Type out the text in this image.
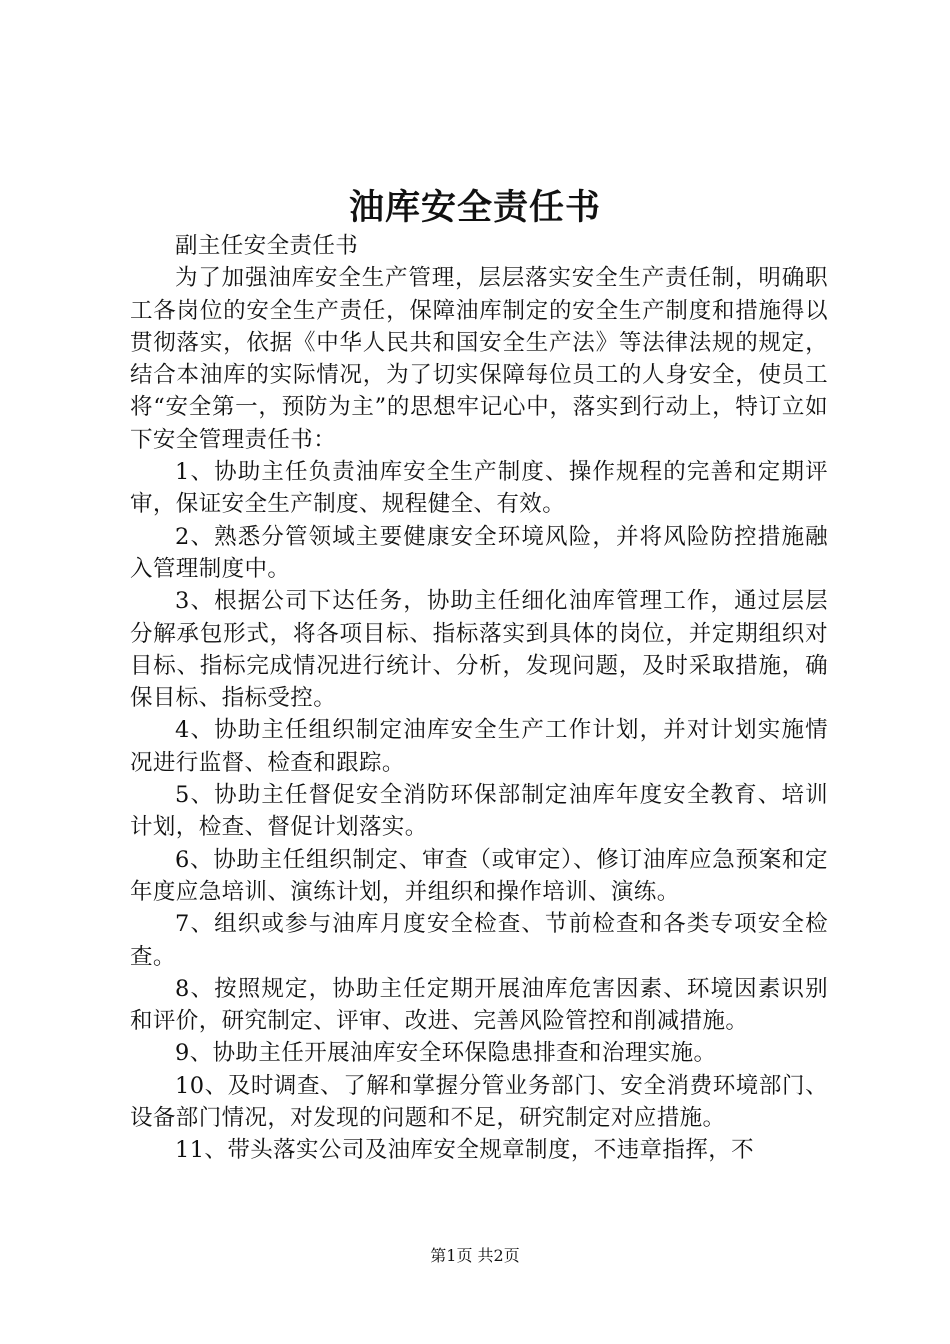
油库安全责任书

副主任安全责任书

为了加强油库安全生产管理，层层落实安全生产责任制，明确职工各岗位的安全生产责任，保障油库制定的安全生产制度和措施得以贯彻落实，依据《中华人民共和国安全生产法》等法律法规的规定，结合本油库的实际情况，为了切实保障每位员工的人身安全，使员工将“安全第一，预防为主”的思想牢记心中，落实到行动上，特订立如下安全管理责任书：

1、协助主任负责油库安全生产制度、操作规程的完善和定期评审，保证安全生产制度、规程健全、有效。

2、熟悉分管领域主要健康安全环境风险，并将风险防控措施融入管理制度中。

3、根据公司下达任务，协助主任细化油库管理工作，通过层层分解承包形式，将各项目标、指标落实到具体的岗位，并定期组织对目标、指标完成情况进行统计、分析，发现问题，及时采取措施，确保目标、指标受控。

4、协助主任组织制定油库安全生产工作计划，并对计划实施情况进行监督、检查和跟踪。

5、协助主任督促安全消防环保部制定油库年度安全教育、培训计划，检查、督促计划落实。

6、协助主任组织制定、审查（或审定）、修订油库应急预案和定年度应急培训、演练计划，并组织和操作培训、演练。

7、组织或参与油库月度安全检查、节前检查和各类专项安全检查。

8、按照规定，协助主任定期开展油库危害因素、环境因素识别和评价，研究制定、评审、改进、完善风险管控和削减措施。

9、协助主任开展油库安全环保隐患排查和治理实施。

10、及时调查、了解和掌握分管业务部门、安全消费环境部门、设备部门情况，对发现的问题和不足，研究制定对应措施。

11、带头落实公司及油库安全规章制度，不违章指挥，不

第1页 共2页
